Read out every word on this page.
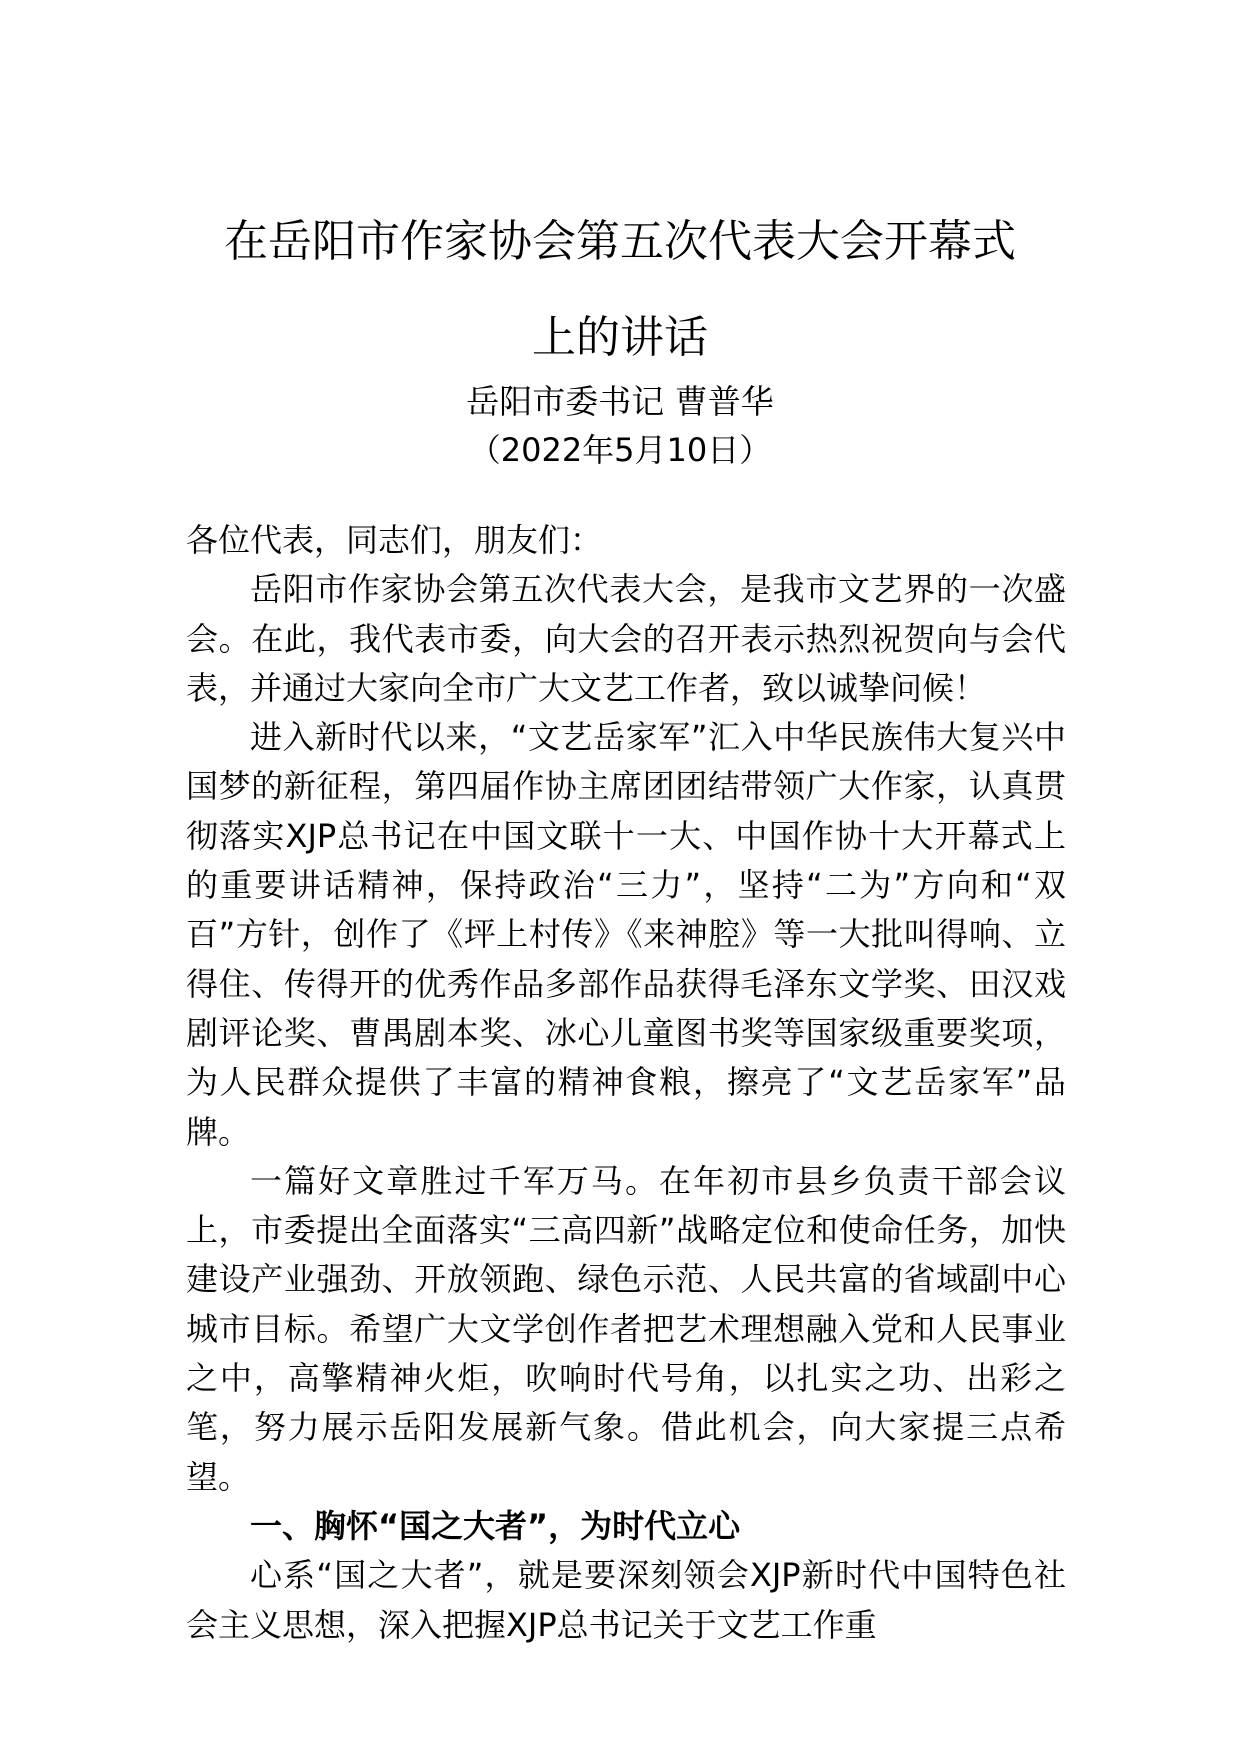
在岳阳市作家协会第五次代表大会开幕式
上的讲话
岳阳市委书记 曹普华
（2022年5月10日）

各位代表，同志们，朋友们：

岳阳市作家协会第五次代表大会，是我市文艺界的一次盛会。在此，我代表市委，向大会的召开表示热烈祝贺向与会代表，并通过大家向全市广大文艺工作者，致以诚挚问候！

进入新时代以来，“文艺岳家军”汇入中华民族伟大复兴中国梦的新征程，第四届作协主席团团结带领广大作家，认真贯彻落实XJP总书记在中国文联十一大、中国作协十大开幕式上的重要讲话精神，保持政治“三力”，坚持“二为”方向和“双百”方针，创作了《坪上村传》《来神腔》等一大批叫得响、立得住、传得开的优秀作品多部作品获得毛泽东文学奖、田汉戏剧评论奖、曹禺剧本奖、冰心儿童图书奖等国家级重要奖项，为人民群众提供了丰富的精神食粮，擦亮了“文艺岳家军”品牌。

一篇好文章胜过千军万马。在年初市县乡负责干部会议上，市委提出全面落实“三高四新”战略定位和使命任务，加快建设产业强劲、开放领跑、绿色示范、人民共富的省域副中心城市目标。希望广大文学创作者把艺术理想融入党和人民事业之中，高擎精神火炬，吹响时代号角，以扎实之功、出彩之笔，努力展示岳阳发展新气象。借此机会，向大家提三点希望。

一、胸怀“国之大者”，为时代立心

心系“国之大者”，就是要深刻领会XJP新时代中国特色社会主义思想，深入把握XJP总书记关于文艺工作重
